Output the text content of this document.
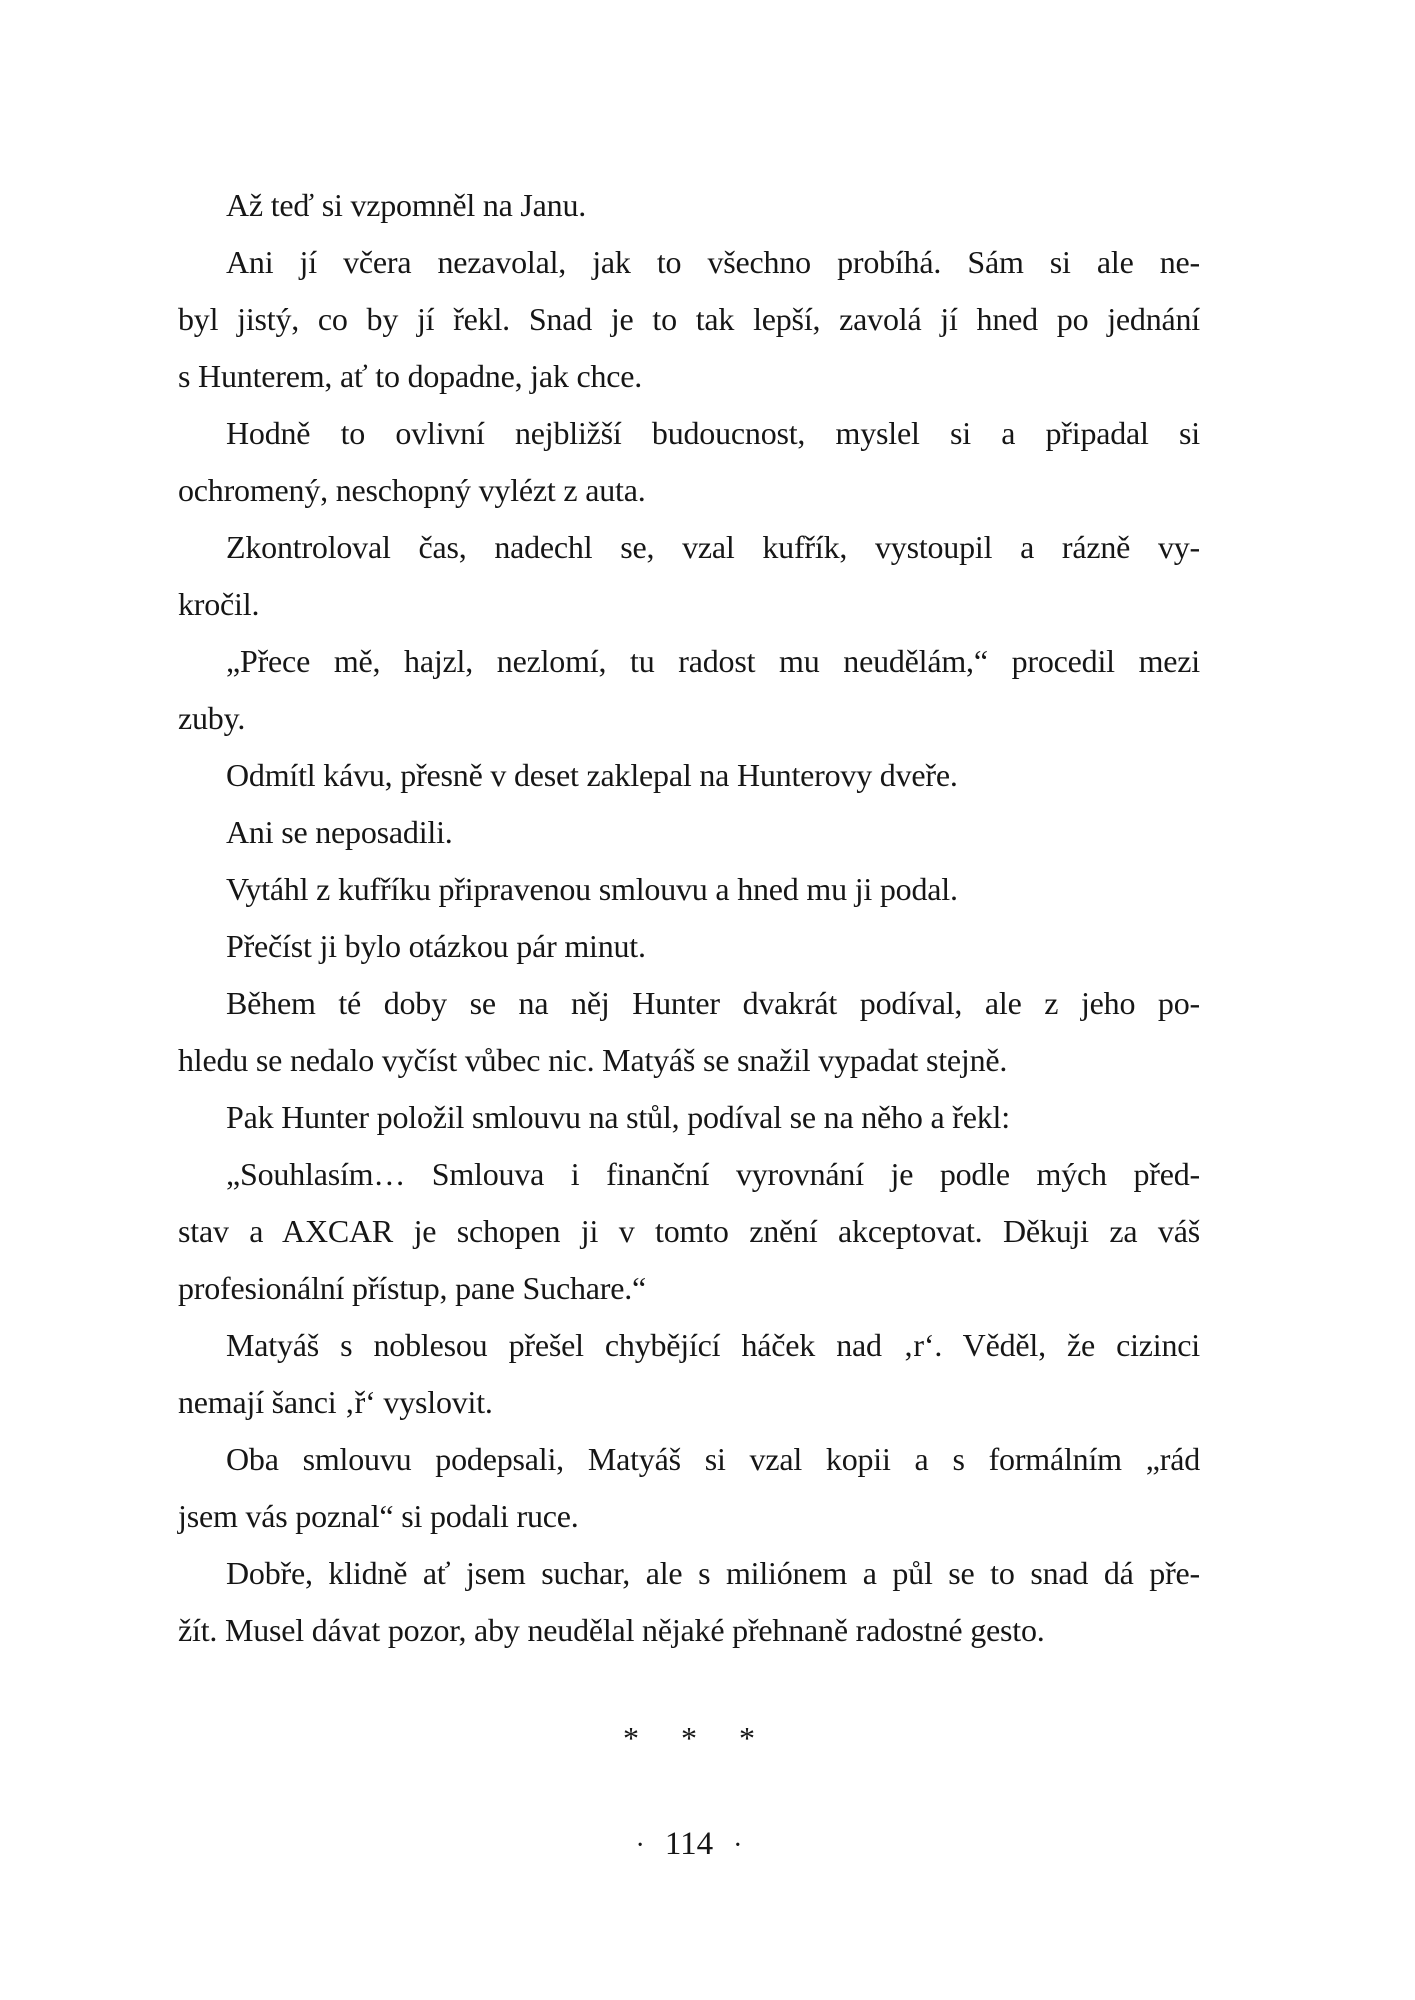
Až teď si vzpomněl na Janu.
Ani jí včera nezavolal, jak to všechno probíhá. Sám si ale ne-
byl jistý, co by jí řekl. Snad je to tak lepší, zavolá jí hned po jednání
s Hunterem, ať to dopadne, jak chce.
Hodně to ovlivní nejbližší budoucnost, myslel si a připadal si
ochromený, neschopný vylézt z auta.
Zkontroloval čas, nadechl se, vzal kufřík, vystoupil a rázně vy-
kročil.
„Přece mě, hajzl, nezlomí, tu radost mu neudělám,“ procedil mezi
zuby.
Odmítl kávu, přesně v deset zaklepal na Hunterovy dveře.
Ani se neposadili.
Vytáhl z kufříku připravenou smlouvu a hned mu ji podal.
Přečíst ji bylo otázkou pár minut.
Během té doby se na něj Hunter dvakrát podíval, ale z jeho po-
hledu se nedalo vyčíst vůbec nic. Matyáš se snažil vypadat stejně.
Pak Hunter položil smlouvu na stůl, podíval se na něho a řekl:
„Souhlasím… Smlouva i finanční vyrovnání je podle mých před-
stav a AXCAR je schopen ji v tomto znění akceptovat. Děkuji za váš
profesionální přístup, pane Suchare.“
Matyáš s noblesou přešel chybějící háček nad ‚r‘. Věděl, že cizinci
nemají šanci ‚ř‘ vyslovit.
Oba smlouvu podepsali, Matyáš si vzal kopii a s formálním „rád
jsem vás poznal“ si podali ruce.
Dobře, klidně ať jsem suchar, ale s miliónem a půl se to snad dá pře-
žít. Musel dávat pozor, aby neudělal nějaké přehnaně radostné gesto.
* * *
· 114 ·
